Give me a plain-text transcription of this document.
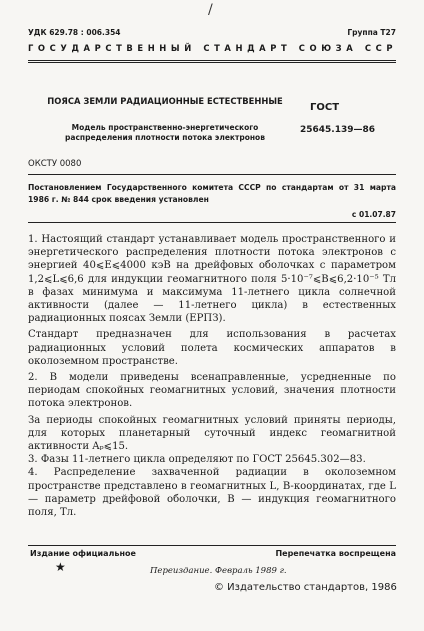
/
УДК 629.78 : 006.354	Группа Т27
ГОСУДАРСТВЕННЫЙ СТАНДАРТ СОЮЗА ССР
ПОЯСА ЗЕМЛИ РАДИАЦИОННЫЕ ЕСТЕСТВЕННЫЕ
Модель пространственно-энергетического распределения плотности потока электронов
ГОСТ
25645.139—86
ОКСТУ 0080
Постановлением Государственного комитета СССР по стандартам от 31 марта 1986 г. № 844 срок введения установлен
с 01.07.87

1. Настоящий стандарт устанавливает модель пространственного и энергетического распределения плотности потока электронов с энергией 40⩽E⩽4000 кэВ на дрейфовых оболочках с параметром 1,2⩽L⩽6,6 для индукции геомагнитного поля 5·10⁻⁷⩽B⩽6,2·10⁻⁵ Тл в фазах минимума и максимума 11-летнего цикла солнечной активности (далее — 11-летнего цикла) в естественных радиационных поясах Земли (ЕРПЗ).

Стандарт предназначен для использования в расчетах радиационных условий полета космических аппаратов в околоземном пространстве.

2. В модели приведены всенаправленные, усредненные по периодам спокойных геомагнитных условий, значения плотности потока электронов.

За периоды спокойных геомагнитных условий приняты периоды, для которых планетарный суточный индекс геомагнитной активности Aₚ⩽15.

3. Фазы 11-летнего цикла определяют по ГОСТ 25645.302—83.

4. Распределение захваченной радиации в околоземном пространстве представлено в геомагнитных L, B-координатах, где L — параметр дрейфовой оболочки, B — индукция геомагнитного поля, Тл.

Издание официальное	Перепечатка воспрещена
★	Переиздание. Февраль 1989 г.
© Издательство стандартов, 1986
